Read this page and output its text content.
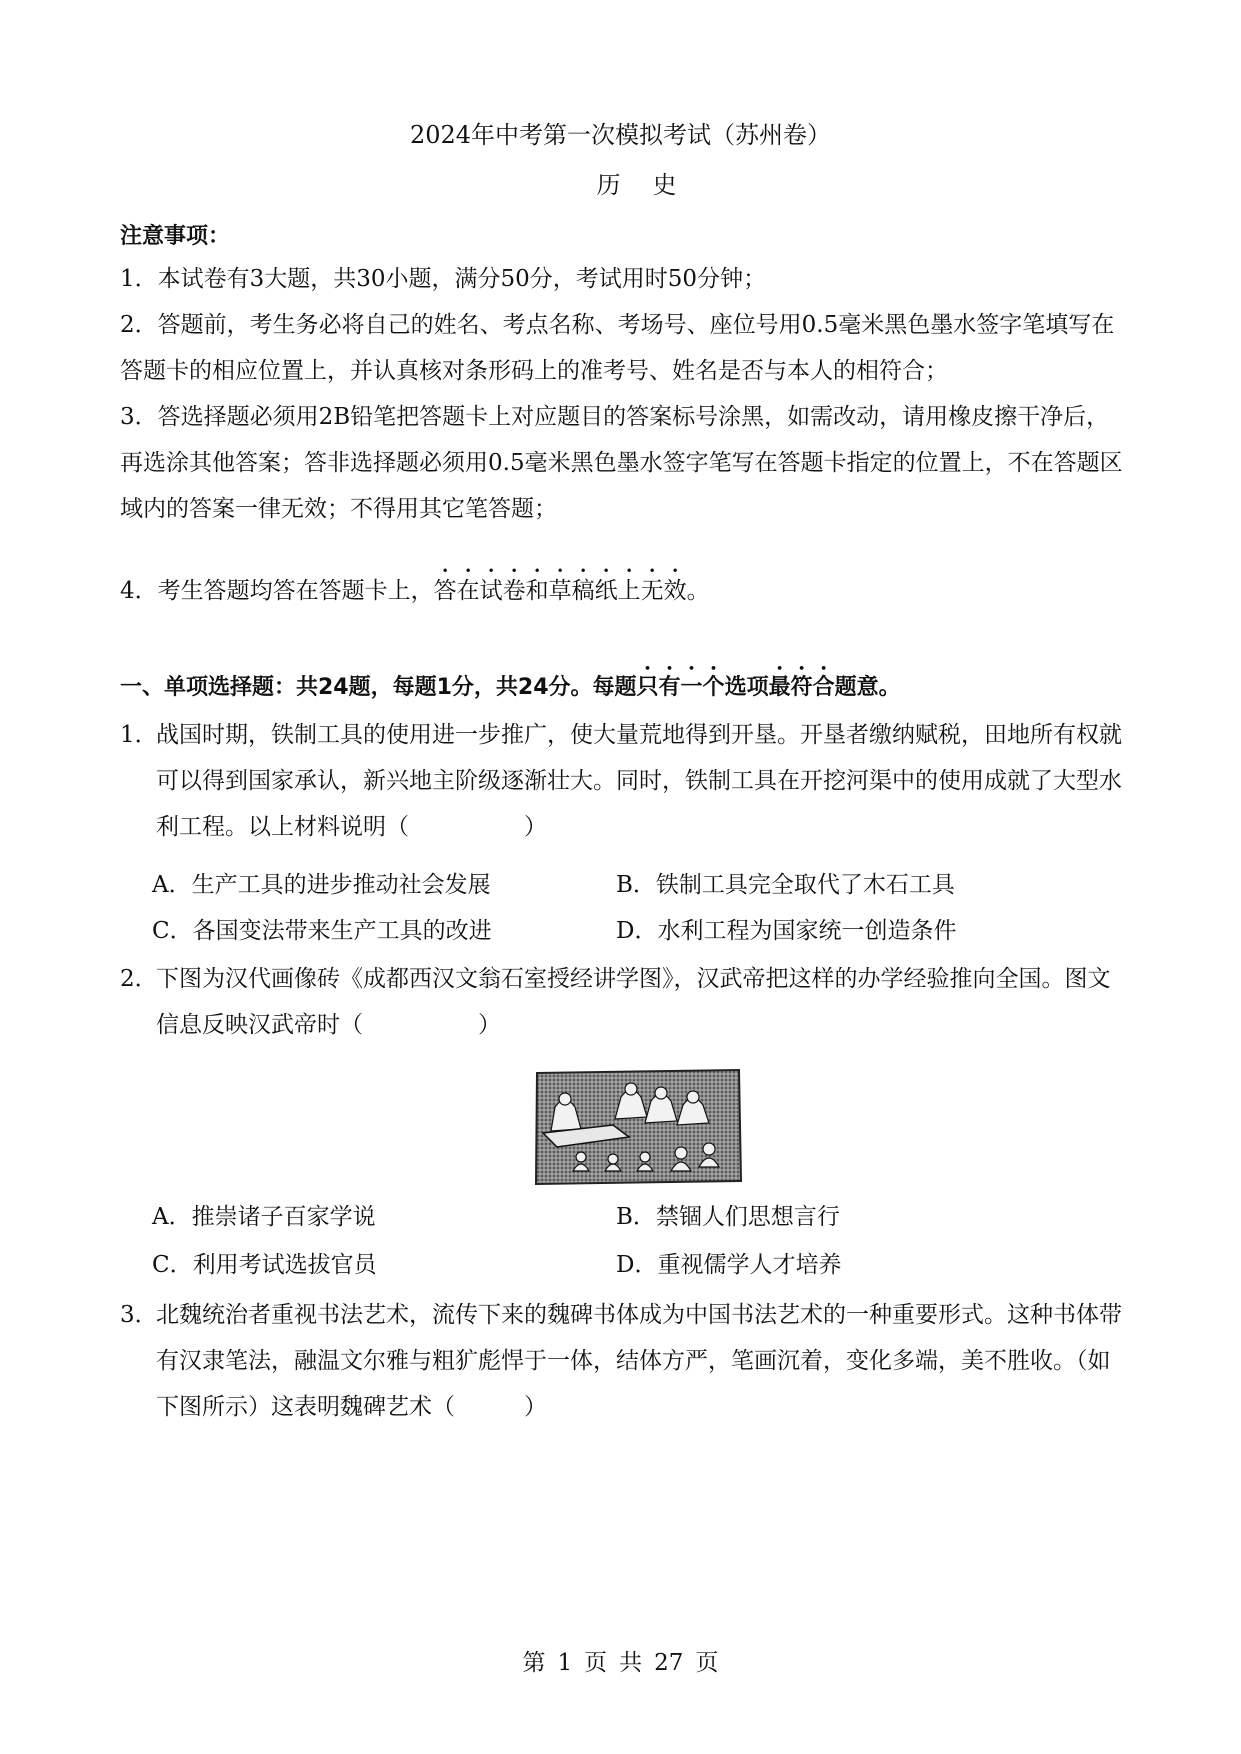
2024年中考第一次模拟考试（苏州卷）
历史
注意事项：
1．本试卷有3大题，共30小题，满分50分，考试用时50分钟；
2．答题前，考生务必将自己的姓名、考点名称、考场号、座位号用0.5毫米黑色墨水签字笔填写在答题卡的相应位置上，并认真核对条形码上的准考号、姓名是否与本人的相符合；
3．答选择题必须用2B铅笔把答题卡上对应题目的答案标号涂黑，如需改动，请用橡皮擦干净后，再选涂其他答案；答非选择题必须用0.5毫米黑色墨水签字笔写在答题卡指定的位置上，不在答题区域内的答案一律无效；不得用其它笔答题；
4．考生答题均答在答题卡上，答在试卷和草稿纸上无效。
一、单项选择题：共24题，每题1分，共24分。每题只有一个选项最符合题意。
1．
战国时期，铁制工具的使用进一步推广，使大量荒地得到开垦。开垦者缴纳赋税，田地所有权就可以得到国家承认，新兴地主阶级逐渐壮大。同时，铁制工具在开挖河渠中的使用成就了大型水利工程。以上材料说明（　　　　　）
A．生产工具的进步推动社会发展	B．铁制工具完全取代了木石工具
C．各国变法带来生产工具的改进	D．水利工程为国家统一创造条件
2．
下图为汉代画像砖《成都西汉文翁石室授经讲学图》，汉武帝把这样的办学经验推向全国。图文信息反映汉武帝时（　　　　　）
A．推崇诸子百家学说	B．禁锢人们思想言行
C．利用考试选拔官员	D．重视儒学人才培养
3．
北魏统治者重视书法艺术，流传下来的魏碑书体成为中国书法艺术的一种重要形式。这种书体带有汉隶笔法，融温文尔雅与粗犷彪悍于一体，结体方严，笔画沉着，变化多端，美不胜收。（如下图所示）这表明魏碑艺术（　　　）
第 1 页 共 27 页
